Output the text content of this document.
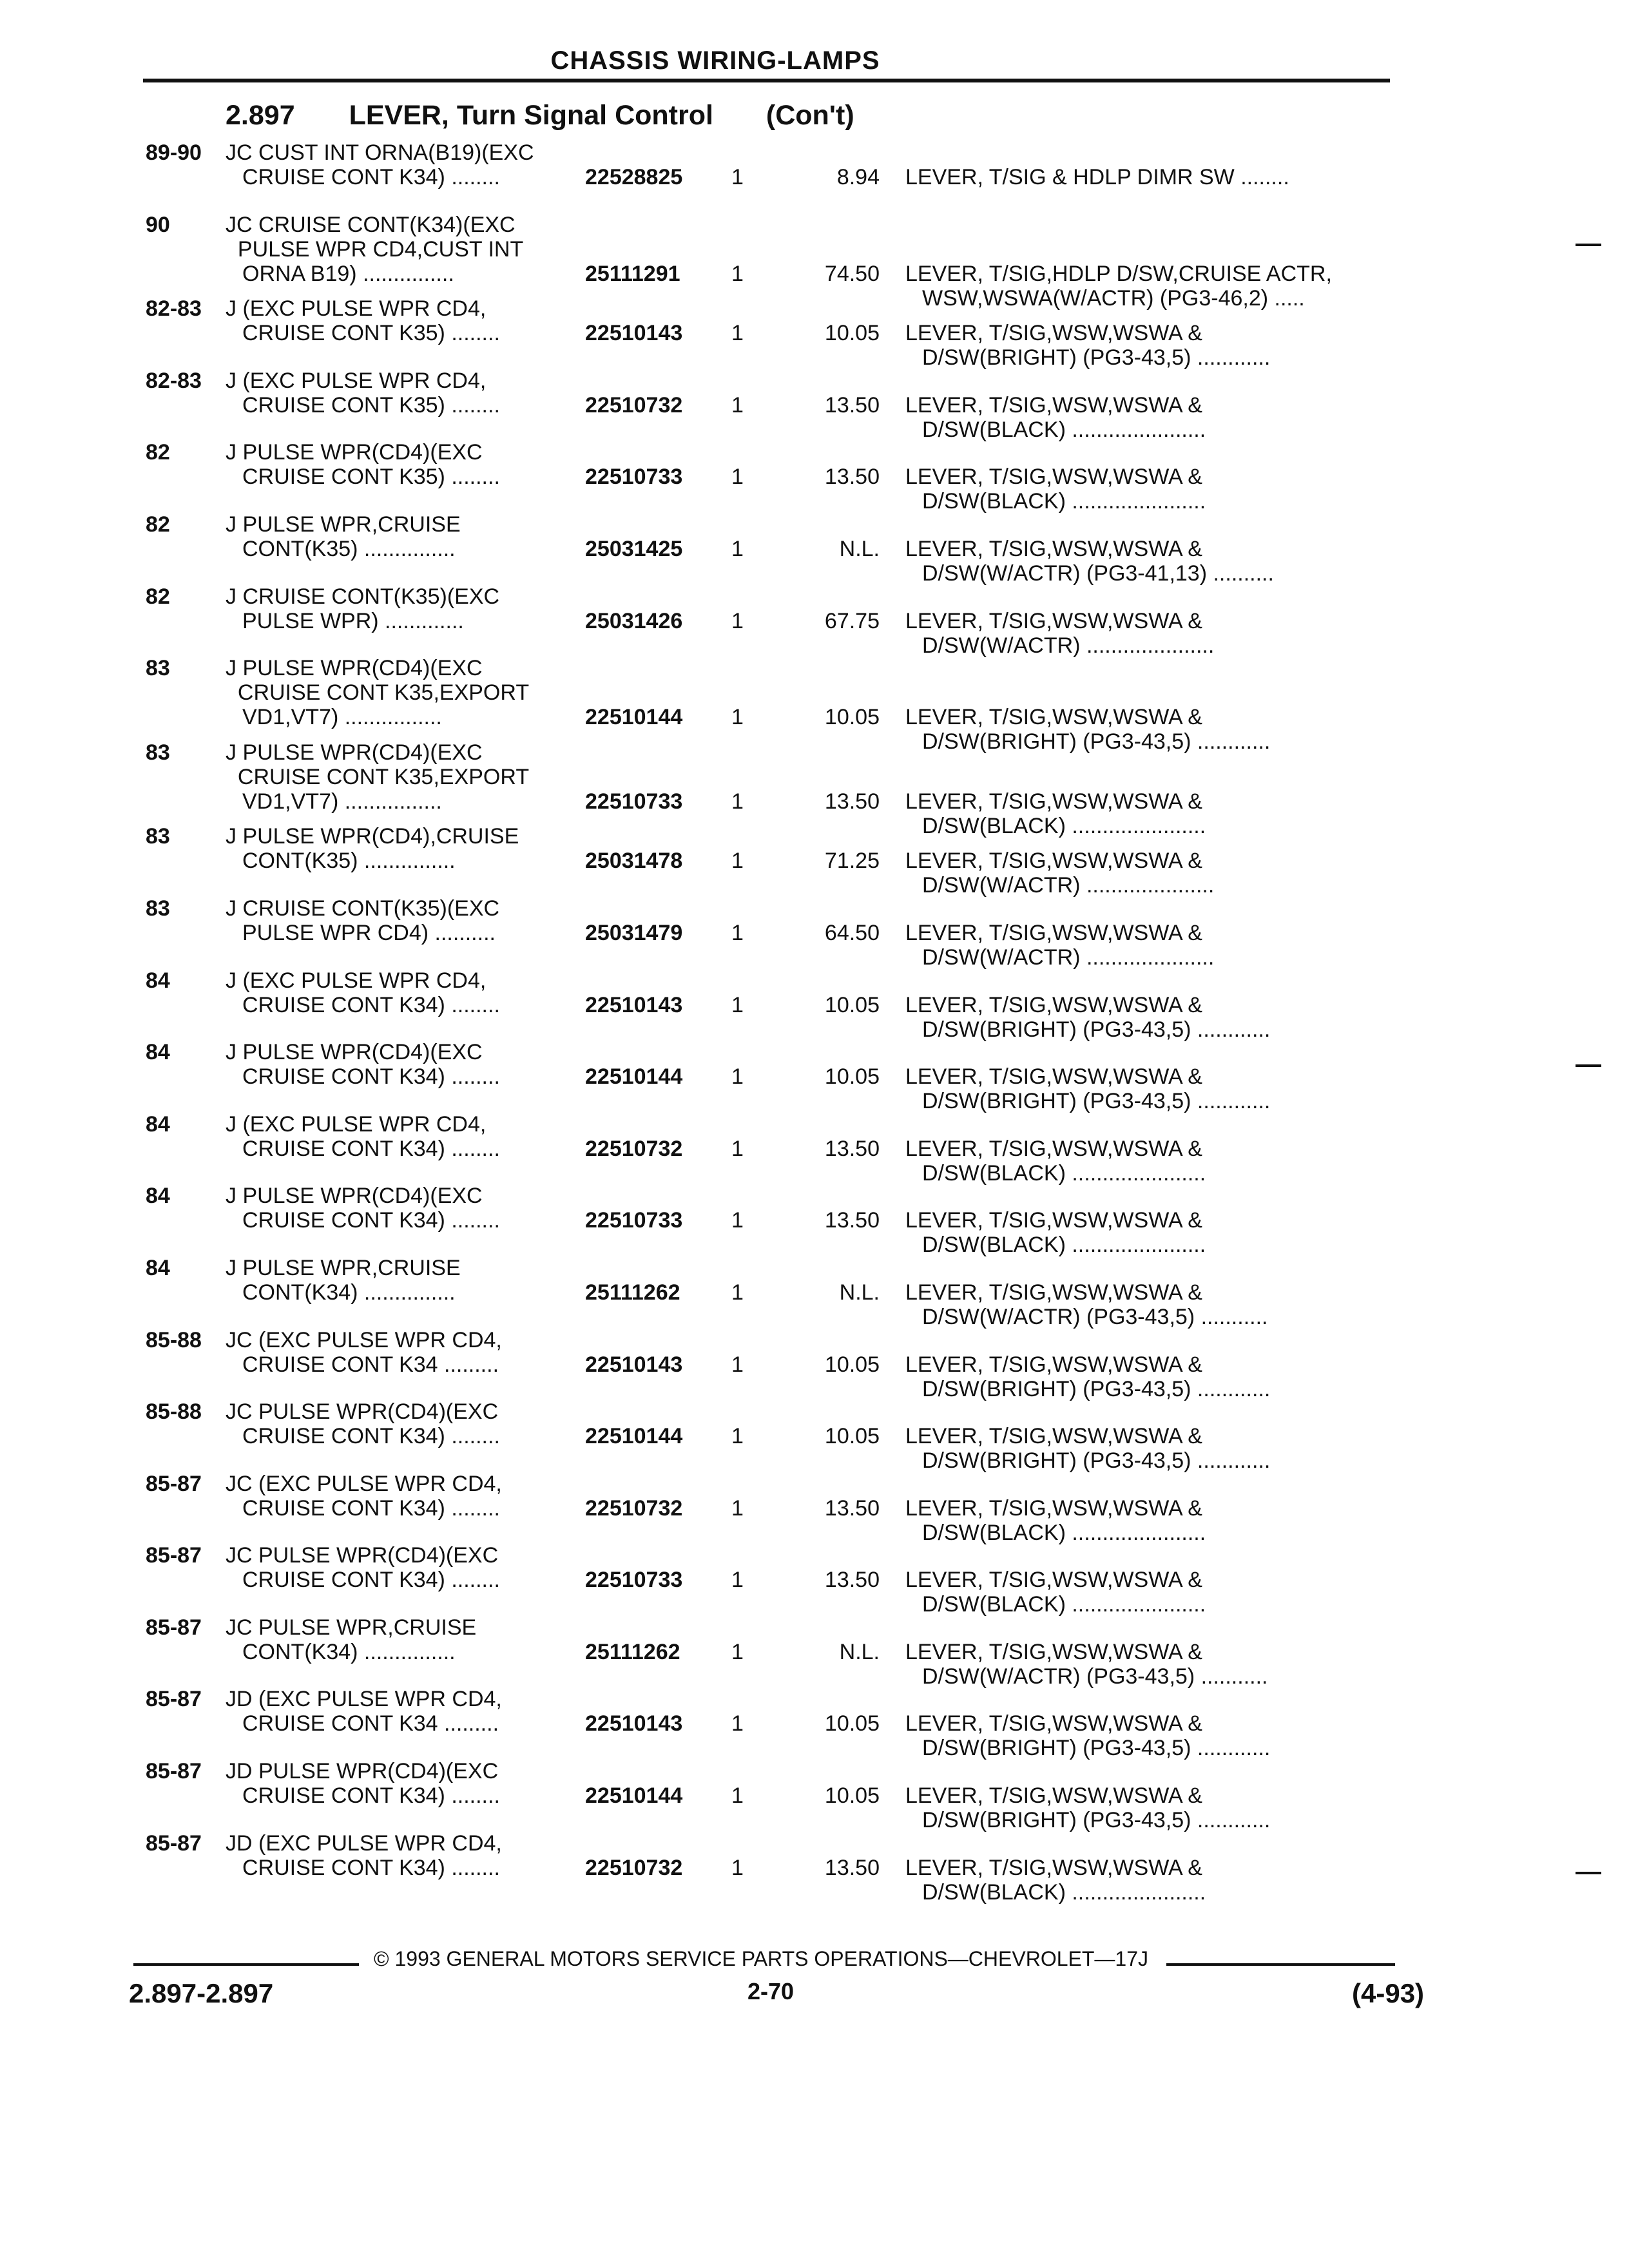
CHASSIS WIRING-LAMPS
2.897 LEVER, Turn Signal Control (Con't)
89-90	JC CUST INT ORNA(B19)(EXC
CRUISE CONT K34) ........	22528825	1	8.94 LEVER, T/SIG & HDLP DIMR SW ........
90	JC CRUISE CONT(K34)(EXC
PULSE WPR CD4,CUST INT
ORNA B19) ...............	25111291	1	74.50 LEVER, T/SIG,HDLP D/SW,CRUISE ACTR,
WSW,WSWA(W/ACTR) (PG3-46,2) .....
82-83	J (EXC PULSE WPR CD4,
CRUISE CONT K35) ........	22510143	1	10.05 LEVER, T/SIG,WSW,WSWA &
D/SW(BRIGHT) (PG3-43,5) ............
82-83	J (EXC PULSE WPR CD4,
CRUISE CONT K35) ........	22510732	1	13.50 LEVER, T/SIG,WSW,WSWA &
D/SW(BLACK) ......................
82	J PULSE WPR(CD4)(EXC
CRUISE CONT K35) ........	22510733	1	13.50 LEVER, T/SIG,WSW,WSWA &
D/SW(BLACK) ......................
82	J PULSE WPR,CRUISE
CONT(K35) ...............	25031425	1	N.L. LEVER, T/SIG,WSW,WSWA &
D/SW(W/ACTR) (PG3-41,13) ..........
82	J CRUISE CONT(K35)(EXC
PULSE WPR) .............	25031426	1	67.75 LEVER, T/SIG,WSW,WSWA &
D/SW(W/ACTR) .....................
83	J PULSE WPR(CD4)(EXC
CRUISE CONT K35,EXPORT
VD1,VT7) ................	22510144	1	10.05 LEVER, T/SIG,WSW,WSWA &
D/SW(BRIGHT) (PG3-43,5) ............
83	J PULSE WPR(CD4)(EXC
CRUISE CONT K35,EXPORT
VD1,VT7) ................	22510733	1	13.50 LEVER, T/SIG,WSW,WSWA &
D/SW(BLACK) ......................
83	J PULSE WPR(CD4),CRUISE
CONT(K35) ...............	25031478	1	71.25 LEVER, T/SIG,WSW,WSWA &
D/SW(W/ACTR) .....................
83	J CRUISE CONT(K35)(EXC
PULSE WPR CD4) ..........	25031479	1	64.50 LEVER, T/SIG,WSW,WSWA &
D/SW(W/ACTR) .....................
84	J (EXC PULSE WPR CD4,
CRUISE CONT K34) ........	22510143	1	10.05 LEVER, T/SIG,WSW,WSWA &
D/SW(BRIGHT) (PG3-43,5) ............
84	J PULSE WPR(CD4)(EXC
CRUISE CONT K34) ........	22510144	1	10.05 LEVER, T/SIG,WSW,WSWA &
D/SW(BRIGHT) (PG3-43,5) ............
84	J (EXC PULSE WPR CD4,
CRUISE CONT K34) ........	22510732	1	13.50 LEVER, T/SIG,WSW,WSWA &
D/SW(BLACK) ......................
84	J PULSE WPR(CD4)(EXC
CRUISE CONT K34) ........	22510733	1	13.50 LEVER, T/SIG,WSW,WSWA &
D/SW(BLACK) ......................
84	J PULSE WPR,CRUISE
CONT(K34) ...............	25111262	1	N.L. LEVER, T/SIG,WSW,WSWA &
D/SW(W/ACTR) (PG3-43,5) ...........
85-88	JC (EXC PULSE WPR CD4,
CRUISE CONT K34 .........	22510143	1	10.05 LEVER, T/SIG,WSW,WSWA &
D/SW(BRIGHT) (PG3-43,5) ............
85-88	JC PULSE WPR(CD4)(EXC
CRUISE CONT K34) ........	22510144	1	10.05 LEVER, T/SIG,WSW,WSWA &
D/SW(BRIGHT) (PG3-43,5) ............
85-87	JC (EXC PULSE WPR CD4,
CRUISE CONT K34) ........	22510732	1	13.50 LEVER, T/SIG,WSW,WSWA &
D/SW(BLACK) ......................
85-87	JC PULSE WPR(CD4)(EXC
CRUISE CONT K34) ........	22510733	1	13.50 LEVER, T/SIG,WSW,WSWA &
D/SW(BLACK) ......................
85-87	JC PULSE WPR,CRUISE
CONT(K34) ...............	25111262	1	N.L. LEVER, T/SIG,WSW,WSWA &
D/SW(W/ACTR) (PG3-43,5) ...........
85-87	JD (EXC PULSE WPR CD4,
CRUISE CONT K34 .........	22510143	1	10.05 LEVER, T/SIG,WSW,WSWA &
D/SW(BRIGHT) (PG3-43,5) ............
85-87	JD PULSE WPR(CD4)(EXC
CRUISE CONT K34) ........	22510144	1	10.05 LEVER, T/SIG,WSW,WSWA &
D/SW(BRIGHT) (PG3-43,5) ............
85-87	JD (EXC PULSE WPR CD4,
CRUISE CONT K34) ........	22510732	1	13.50 LEVER, T/SIG,WSW,WSWA &
D/SW(BLACK) ......................
© 1993 GENERAL MOTORS SERVICE PARTS OPERATIONS—CHEVROLET—17J
2.897-2.897	2-70	(4-93)
